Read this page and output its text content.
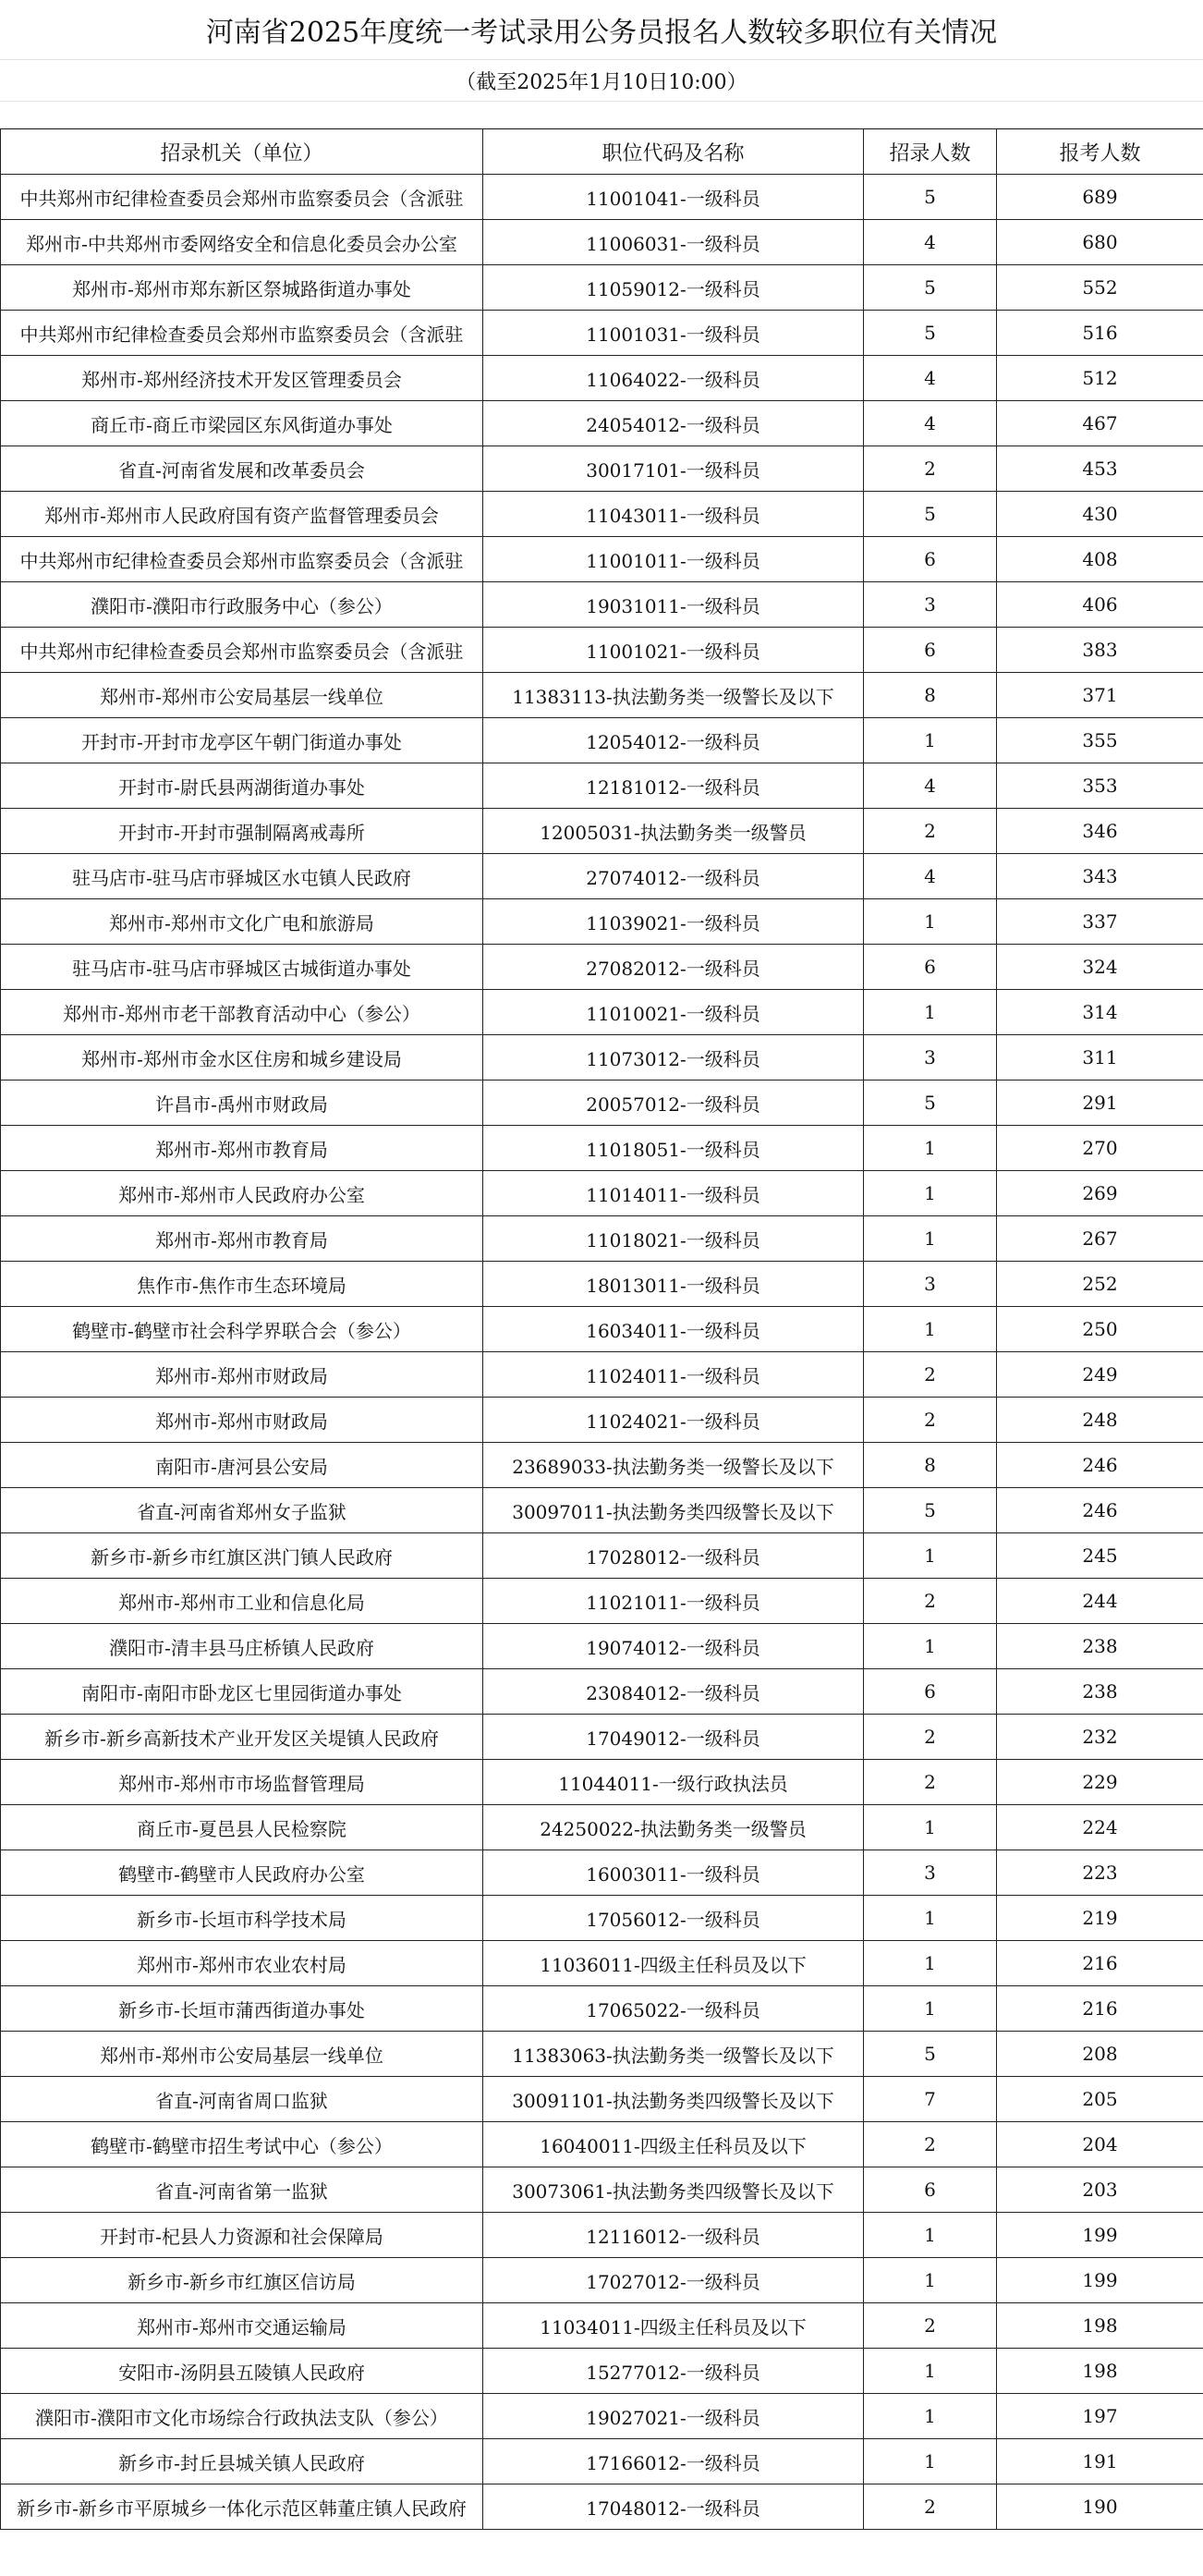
河南省2025年度统一考试录用公务员报名人数较多职位有关情况
（截至2025年1月10日10:00）
招录机关（单位）	职位代码及名称	招录人数	报考人数
中共郑州市纪律检查委员会郑州市监察委员会（含派驻	11001041-一级科员	5	689
郑州市-中共郑州市委网络安全和信息化委员会办公室	11006031-一级科员	4	680
郑州市-郑州市郑东新区祭城路街道办事处	11059012-一级科员	5	552
中共郑州市纪律检查委员会郑州市监察委员会（含派驻	11001031-一级科员	5	516
郑州市-郑州经济技术开发区管理委员会	11064022-一级科员	4	512
商丘市-商丘市梁园区东风街道办事处	24054012-一级科员	4	467
省直-河南省发展和改革委员会	30017101-一级科员	2	453
郑州市-郑州市人民政府国有资产监督管理委员会	11043011-一级科员	5	430
中共郑州市纪律检查委员会郑州市监察委员会（含派驻	11001011-一级科员	6	408
濮阳市-濮阳市行政服务中心（参公）	19031011-一级科员	3	406
中共郑州市纪律检查委员会郑州市监察委员会（含派驻	11001021-一级科员	6	383
郑州市-郑州市公安局基层一线单位	11383113-执法勤务类一级警长及以下	8	371
开封市-开封市龙亭区午朝门街道办事处	12054012-一级科员	1	355
开封市-尉氏县两湖街道办事处	12181012-一级科员	4	353
开封市-开封市强制隔离戒毒所	12005031-执法勤务类一级警员	2	346
驻马店市-驻马店市驿城区水屯镇人民政府	27074012-一级科员	4	343
郑州市-郑州市文化广电和旅游局	11039021-一级科员	1	337
驻马店市-驻马店市驿城区古城街道办事处	27082012-一级科员	6	324
郑州市-郑州市老干部教育活动中心（参公）	11010021-一级科员	1	314
郑州市-郑州市金水区住房和城乡建设局	11073012-一级科员	3	311
许昌市-禹州市财政局	20057012-一级科员	5	291
郑州市-郑州市教育局	11018051-一级科员	1	270
郑州市-郑州市人民政府办公室	11014011-一级科员	1	269
郑州市-郑州市教育局	11018021-一级科员	1	267
焦作市-焦作市生态环境局	18013011-一级科员	3	252
鹤壁市-鹤壁市社会科学界联合会（参公）	16034011-一级科员	1	250
郑州市-郑州市财政局	11024011-一级科员	2	249
郑州市-郑州市财政局	11024021-一级科员	2	248
南阳市-唐河县公安局	23689033-执法勤务类一级警长及以下	8	246
省直-河南省郑州女子监狱	30097011-执法勤务类四级警长及以下	5	246
新乡市-新乡市红旗区洪门镇人民政府	17028012-一级科员	1	245
郑州市-郑州市工业和信息化局	11021011-一级科员	2	244
濮阳市-清丰县马庄桥镇人民政府	19074012-一级科员	1	238
南阳市-南阳市卧龙区七里园街道办事处	23084012-一级科员	6	238
新乡市-新乡高新技术产业开发区关堤镇人民政府	17049012-一级科员	2	232
郑州市-郑州市市场监督管理局	11044011-一级行政执法员	2	229
商丘市-夏邑县人民检察院	24250022-执法勤务类一级警员	1	224
鹤壁市-鹤壁市人民政府办公室	16003011-一级科员	3	223
新乡市-长垣市科学技术局	17056012-一级科员	1	219
郑州市-郑州市农业农村局	11036011-四级主任科员及以下	1	216
新乡市-长垣市蒲西街道办事处	17065022-一级科员	1	216
郑州市-郑州市公安局基层一线单位	11383063-执法勤务类一级警长及以下	5	208
省直-河南省周口监狱	30091101-执法勤务类四级警长及以下	7	205
鹤壁市-鹤壁市招生考试中心（参公）	16040011-四级主任科员及以下	2	204
省直-河南省第一监狱	30073061-执法勤务类四级警长及以下	6	203
开封市-杞县人力资源和社会保障局	12116012-一级科员	1	199
新乡市-新乡市红旗区信访局	17027012-一级科员	1	199
郑州市-郑州市交通运输局	11034011-四级主任科员及以下	2	198
安阳市-汤阴县五陵镇人民政府	15277012-一级科员	1	198
濮阳市-濮阳市文化市场综合行政执法支队（参公）	19027021-一级科员	1	197
新乡市-封丘县城关镇人民政府	17166012-一级科员	1	191
新乡市-新乡市平原城乡一体化示范区韩董庄镇人民政府	17048012-一级科员	2	190
